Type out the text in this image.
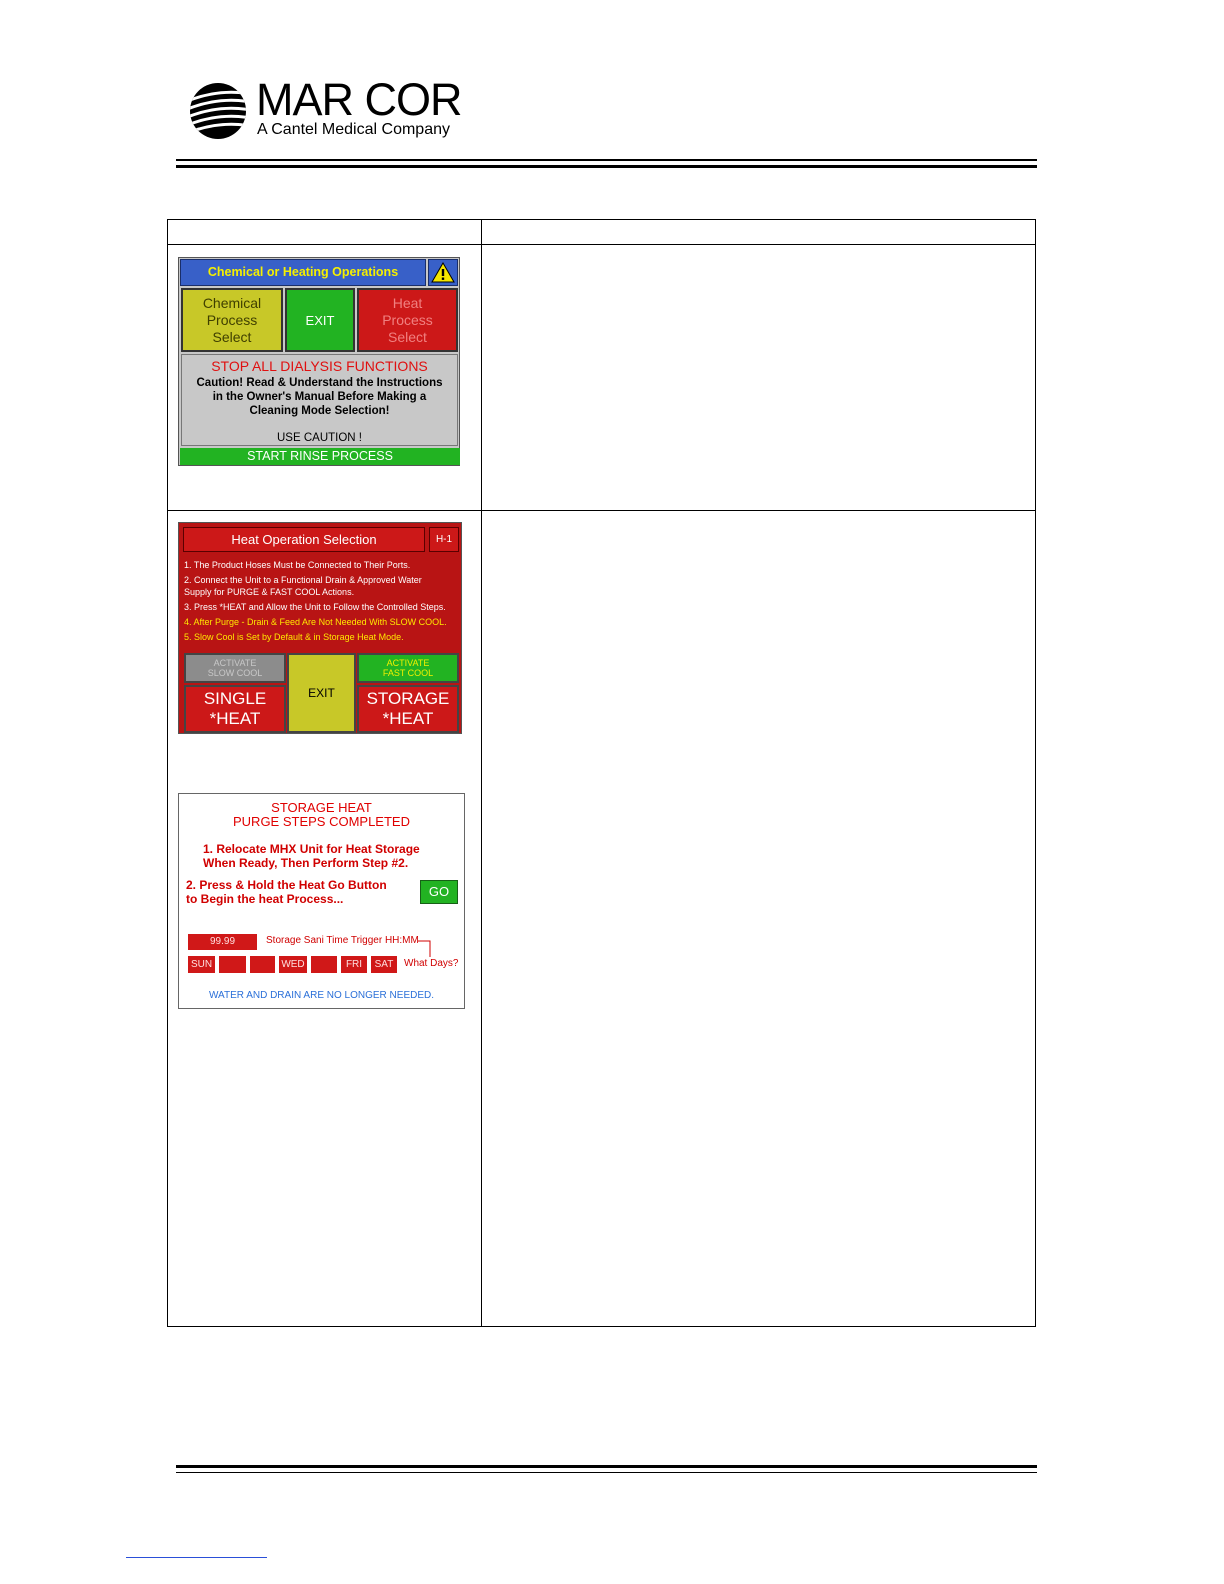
MAR COR
A Cantel Medical Company
Chemical or Heating Operations
Chemical
Process
Select
EXIT
Heat
Process
Select
STOP ALL DIALYSIS FUNCTIONS
Caution! Read & Understand the Instructions
in the Owner's Manual Before Making a
Cleaning Mode Selection!
USE CAUTION !
START RINSE PROCESS
Heat Operation Selection	H-1
1. The Product Hoses Must be Connected to Their Ports.
2. Connect the Unit to a Functional Drain & Approved Water
Supply for PURGE & FAST COOL Actions.
3. Press *HEAT and Allow the Unit to Follow the Controlled Steps.
4. After Purge - Drain & Feed Are Not Needed With SLOW COOL.
5. Slow Cool is Set by Default & in Storage Heat Mode.
ACTIVATE
SLOW COOL
ACTIVATE
FAST COOL
EXIT
SINGLE
*HEAT
STORAGE
*HEAT
STORAGE HEAT
PURGE STEPS COMPLETED
1. Relocate MHX Unit for Heat Storage
When Ready, Then Perform Step #2.
2. Press & Hold the Heat Go Button
to Begin the heat Process...	GO
99.99	Storage Sani Time Trigger HH:MM
SUN	WED	FRI	SAT	What Days?
WATER AND DRAIN ARE NO LONGER NEEDED.
